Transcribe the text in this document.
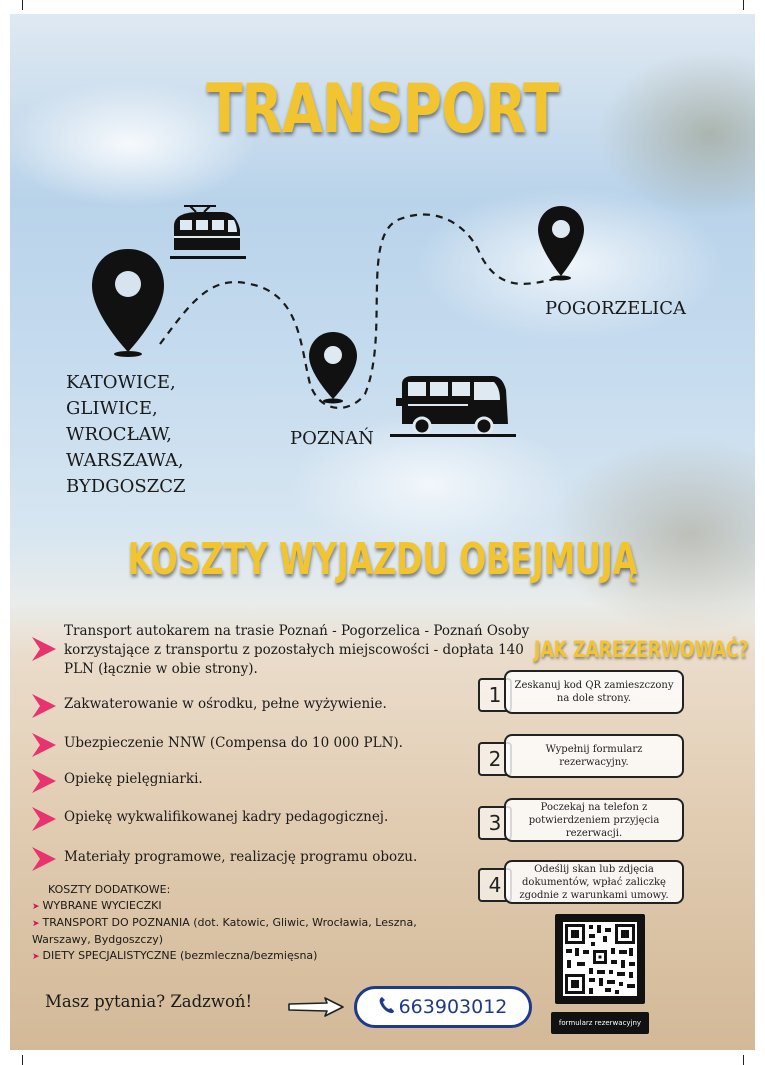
TRANSPORT
KATOWICE,
GLIWICE,
WROCŁAW,
WARSZAWA,
BYDGOSZCZ
POZNAŃ
POGORZELICA
KOSZTY WYJAZDU OBEJMUJĄ
Transport autokarem na trasie Poznań - Pogorzelica - Poznań Osoby korzystające z transportu z pozostałych miejscowości - dopłata 140 PLN (łącznie w obie strony).
Zakwaterowanie w ośrodku, pełne wyżywienie.
Ubezpieczenie NNW (Compensa do 10 000 PLN).
Opiekę pielęgniarki.
Opiekę wykwalifikowanej kadry pedagogicznej.
Materiały programowe, realizację programu obozu.
KOSZTY DODATKOWE:
➤ WYBRANE WYCIECZKI
➤ TRANSPORT DO POZNANIA (dot. Katowic, Gliwic, Wrocławia, Leszna, Warszawy, Bydgoszczy)
➤ DIETY SPECJALISTYCZNE (bezmleczna/bezmięsna)
JAK ZAREZERWOWAĆ?
1	Zeskanuj kod QR zamieszczony na dole strony.
2	Wypełnij formularz rezerwacyjny.
3
Poczekaj na telefon z potwierdzeniem przyjęcia rezerwacji.
4
Odeślij skan lub zdjęcia dokumentów, wpłać zaliczkę zgodnie z warunkami umowy.
formularz rezerwacyjny
Masz pytania? Zadzwoń!	663903012
